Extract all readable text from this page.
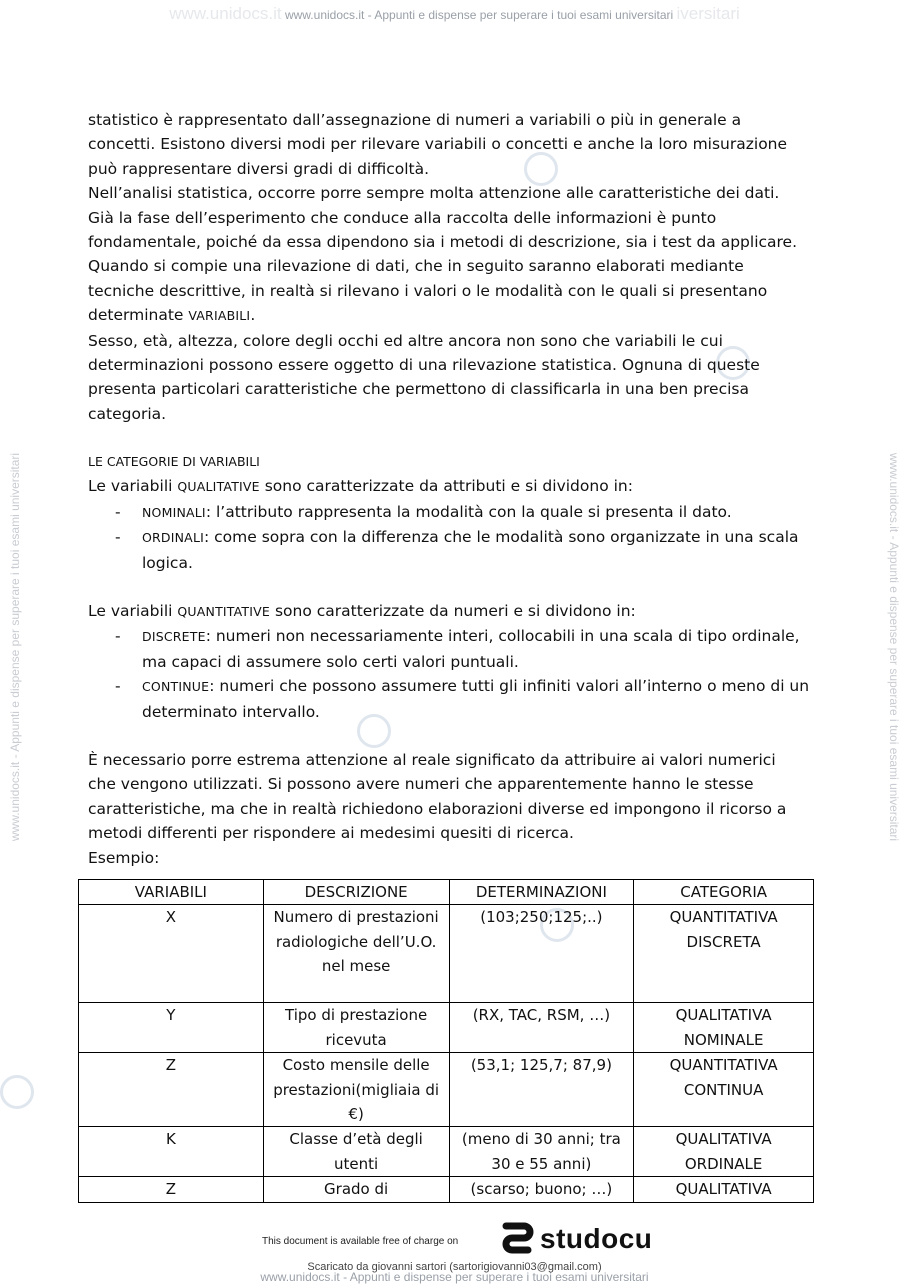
www.unidocs.it www.unidocs.it - Appunti e dispense per superare i tuoi esami universitari iversitari
www.unidocs.it - Appunti e dispense per superare i tuoi esami universitari	www.unidocs.it - Appunti e dispense per superare i tuoi esami universitari

statistico è rappresentato dall’assegnazione di numeri a variabili o più in generale a

concetti. Esistono diversi modi per rilevare variabili o concetti e anche la loro misurazione

può rappresentare diversi gradi di difficoltà.

Nell’analisi statistica, occorre porre sempre molta attenzione alle caratteristiche dei dati.

Già la fase dell’esperimento che conduce alla raccolta delle informazioni è punto

fondamentale, poiché da essa dipendono sia i metodi di descrizione, sia i test da applicare.

Quando si compie una rilevazione di dati, che in seguito saranno elaborati mediante

tecniche descrittive, in realtà si rilevano i valori o le modalità con le quali si presentano

determinate VARIABILI.

Sesso, età, altezza, colore degli occhi ed altre ancora non sono che variabili le cui

determinazioni possono essere oggetto di una rilevazione statistica. Ognuna di queste

presenta particolari caratteristiche che permettono di classificarla in una ben precisa

categoria.

LE CATEGORIE DI VARIABILI

Le variabili QUALITATIVE sono caratterizzate da attributi e si dividono in:

- NOMINALI: l’attributo rappresenta la modalità con la quale si presenta il dato.
- ORDINALI: come sopra con la differenza che le modalità sono organizzate in una scala logica.

Le variabili QUANTITATIVE sono caratterizzate da numeri e si dividono in:

- DISCRETE: numeri non necessariamente interi, collocabili in una scala di tipo ordinale, ma capaci di assumere solo certi valori puntuali.
- CONTINUE: numeri che possono assumere tutti gli infiniti valori all’interno o meno di un determinato intervallo.

È necessario porre estrema attenzione al reale significato da attribuire ai valori numerici

che vengono utilizzati. Si possono avere numeri che apparentemente hanno le stesse

caratteristiche, ma che in realtà richiedono elaborazioni diverse ed impongono il ricorso a

metodi differenti per rispondere ai medesimi quesiti di ricerca.

Esempio:

VARIABILI	DESCRIZIONE	DETERMINAZIONI	CATEGORIA
X	Numero di prestazioni radiologiche dell’U.O. nel mese	(103;250;125;..)	QUANTITATIVA DISCRETA
Y	Tipo di prestazione ricevuta	(RX, TAC, RSM, …)	QUALITATIVA NOMINALE
Z	Costo mensile delle prestazioni(migliaia di €)	(53,1; 125,7; 87,9)	QUANTITATIVA CONTINUA
K	Classe d’età degli utenti	(meno di 30 anni; tra 30 e 55 anni)	QUALITATIVA ORDINALE
Z	Grado di	(scarso; buono; …)	QUALITATIVA
This document is available free of charge on	studocu
Scaricato da giovanni sartori (sartorigiovanni03@gmail.com)
www.unidocs.it - Appunti e dispense per superare i tuoi esami universitari
